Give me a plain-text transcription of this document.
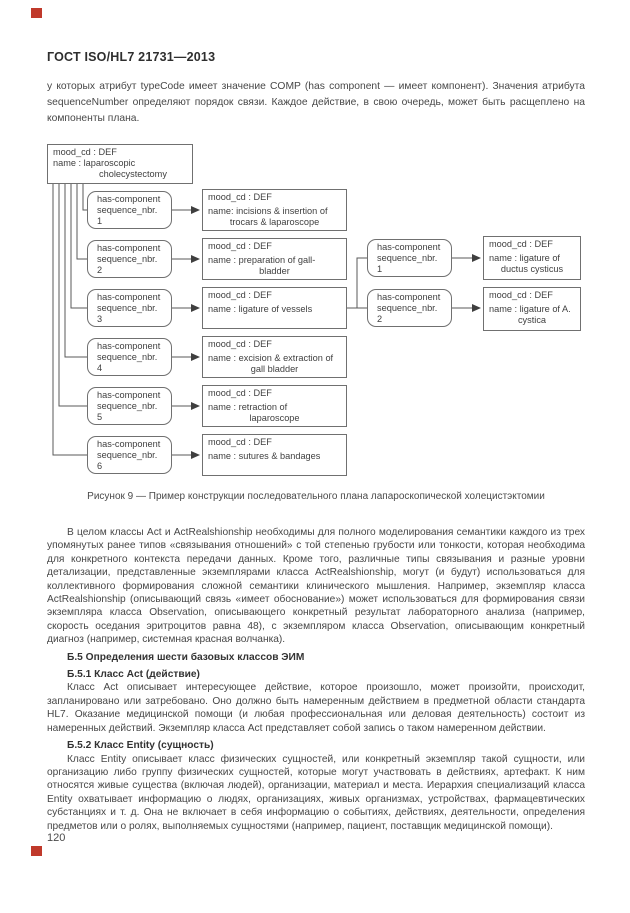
ГОСТ ISO/HL7 21731—2013
у которых атрибут typeCode имеет значение COMP (has component — имеет компонент). Значения атрибута sequenceNumber определяют порядок связи. Каждое действие, в свою очередь, может быть расщеплено на компоненты плана.
mood_cd : DEF
name : laparoscopic
cholecystectomy
has-component
sequence_nbr. 1
has-component
sequence_nbr. 2
has-component
sequence_nbr. 3
has-component
sequence_nbr. 4
has-component
sequence_nbr. 5
has-component
sequence_nbr. 6
mood_cd : DEF
name: incisions & insertion of
trocars & laparoscope
mood_cd : DEF
name : preparation of gall-
bladder
mood_cd : DEF
name : ligature of vessels
mood_cd : DEF
name : excision & extraction of
gall bladder
mood_cd : DEF
name : retraction of
laparoscope
mood_cd : DEF
name : sutures & bandages
has-component
sequence_nbr. 1
has-component
sequence_nbr. 2
mood_cd : DEF
name : ligature of
ductus cysticus
mood_cd : DEF
name : ligature of A.
cystica
Рисунок 9 — Пример конструкции последовательного плана лапароскопической холецистэктомии

В целом классы Act и ActRealshionship необходимы для полного моделирования семантики каждого из трех упомянутых ранее типов «связывания отношений» с той степенью грубости или тонкости, которая необходима для конкретного контекста передачи данных. Кроме того, различные типы связывания и разные уровни детализации, представленные экземплярами класса ActRealshionship, могут (и будут) использоваться для коллективного формирования сложной семантики клинического мышления. Например, экземпляр класса ActRealshionship (описывающий связь «имеет обоснование») может использоваться для формирования связи экземпляра класса Observation, описывающего конкретный результат лабораторного анализа (например, скорость оседания эритроцитов равна 48), с экземпляром класса Observation, описывающим конкретный диагноз (например, системная красная волчанка).

Б.5 Определения шести базовых классов ЭИМ
Б.5.1 Класс Act (действие)

Класс Act описывает интересующее действие, которое произошло, может произойти, происходит, запланировано или затребовано. Оно должно быть намеренным действием в предметной области стандарта HL7. Оказание медицинской помощи (и любая профессиональная или деловая деятельность) состоит из намеренных действий. Экземпляр класса Act представляет собой запись о таком намеренном действии.

Б.5.2 Класс Entity (сущность)

Класс Entity описывает класс физических сущностей, или конкретный экземпляр такой сущности, или организацию либо группу физических сущностей, которые могут участвовать в действиях, артефакт. К ним относятся живые существа (включая людей), организации, материал и места. Иерархия специализаций класса Entity охватывает информацию о людях, организациях, живых организмах, устройствах, фармацевтических субстанциях и т. д. Она не включает в себя информацию о событиях, действиях, деятельности, определения предметов или о ролях, выполняемых сущностями (например, пациент, поставщик медицинской помощи).

120
